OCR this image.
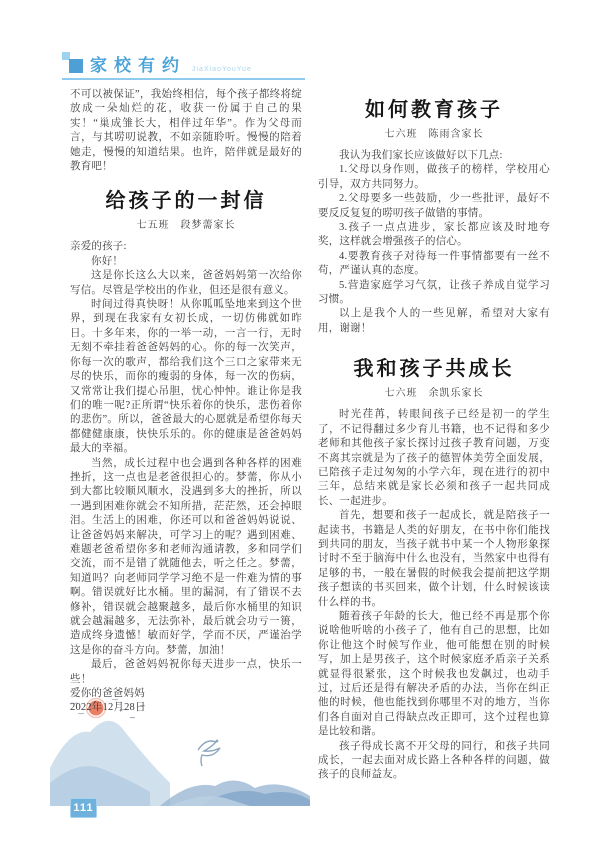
家校有约 JiaXiaoYouYue

不可以被保证”，我始终相信，每个孩子都终将绽放成一朵灿烂的花，收获一份属于自己的果实！“巢成雏长大，相伴过年华”。作为父母而言，与其唠叨说教，不如亲随聆听。慢慢的陪着她走，慢慢的知道结果。也许，陪伴就是最好的教育吧！

给孩子的一封信
七五班　段梦薷家长

亲爱的孩子:

你好！

这是你长这么大以来，爸爸妈妈第一次给你写信。尽管是学校出的作业，但还是很有意义。

时间过得真快呀！从你呱呱坠地来到这个世界，到现在我家有女初长成，一切仿佛就如昨日。十多年来，你的一举一动，一言一行，无时无刻不牵挂着爸爸妈妈的心。你的每一次笑声，你每一次的歌声，都给我们这个三口之家带来无尽的快乐，而你的瘦弱的身体，每一次的伤病，又常常让我们提心吊胆，忧心忡忡。谁让你是我们的唯一呢?正所谓“快乐着你的快乐，悲伤着你的悲伤”。所以，爸爸最大的心愿就是希望你每天都健健康康，快快乐乐的。你的健康是爸爸妈妈最大的幸福。

当然，成长过程中也会遇到各种各样的困难挫折，这一点也是老爸很担心的。梦薷，你从小到大都比较顺风顺水，没遇到多大的挫折，所以一遇到困难你就会不知所措，茫茫然，还会掉眼泪。生活上的困难，你还可以和爸爸妈妈说说、让爸爸妈妈来解决，可学习上的呢？遇到困难、难题老爸希望你多和老师沟通请教，多和同学们交流，而不是错了就随他去，听之任之。梦薷，知道吗？向老师同学学习绝不是一件难为情的事啊。错误就好比水桶。里的漏洞，有了错误不去修补，错误就会越聚越多，最后你水桶里的知识就会越漏越多，无法弥补，最后就会功亏一篑，造成终身遗憾！敏而好学，学而不厌，严谨治学这是你的奋斗方向。梦薷，加油！

最后，爸爸妈妈祝你每天进步一点，快乐一些！

爱你的爸爸妈妈

2022年12月28日

如何教育孩子
七六班　陈雨含家长

我认为我们家长应该做好以下几点:

1.父母以身作则，做孩子的榜样，学校用心引导，双方共同努力。

2.父母要多一些鼓励，少一些批评，最好不要反反复复的唠叨孩子做错的事情。

3.孩子一点点进步，家长都应该及时地夸奖，这样就会增强孩子的信心。

4.要教育孩子对待每一件事情都要有一丝不苟，严谨认真的态度。

5.营造家庭学习气氛，让孩子养成自觉学习习惯。

以上是我个人的一些见解，希望对大家有用，谢谢！

我和孩子共成长
七六班　余凯乐家长

时光荏苒，转眼间孩子已经是初一的学生了，不记得翻过多少育儿书籍，也不记得和多少老师和其他孩子家长探讨过孩子教育问题，万变不离其宗就是为了孩子的德智体美劳全面发展，已陪孩子走过匆匆的小学六年，现在进行的初中三年，总结来就是家长必须和孩子一起共同成长、一起进步。

首先，想要和孩子一起成长，就是陪孩子一起读书，书籍是人类的好朋友，在书中你们能找到共同的朋友，当孩子就书中某一个人物形象探讨时不至于脑海中什么也没有，当然家中也得有足够的书，一般在暑假的时候我会提前把这学期孩子想读的书买回来，做个计划，什么时候该读什么样的书。

随着孩子年龄的长大，他已经不再是那个你说啥他听啥的小孩子了，他有自己的思想，比如你让他这个时候写作业，他可能想在别的时候写，加上是男孩子，这个时候家庭矛盾亲子关系就显得很紧张，这个时候我也发飙过，也动手过，过后还是得有解决矛盾的办法，当你在纠正他的时候，他也能找到你哪里不对的地方，当你们各自面对自己得缺点改正即可，这个过程也算是比较和谐。

孩子得成长离不开父母的同行，和孩子共同成长，一起去面对成长路上各种各样的问题，做孩子的良师益友。

111
